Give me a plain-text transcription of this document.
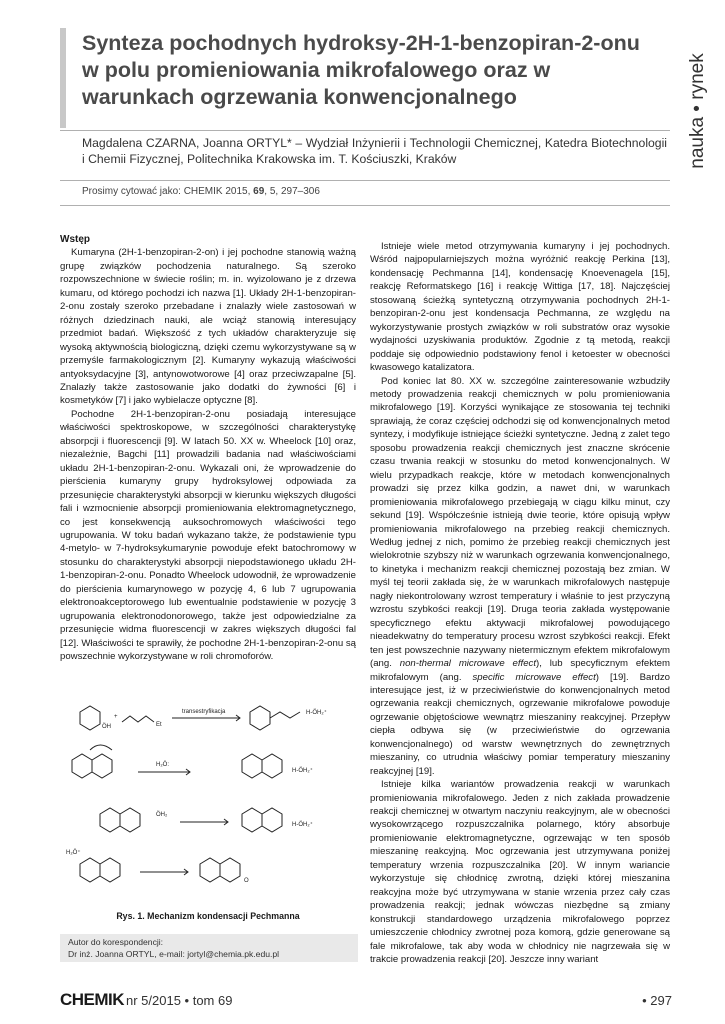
Synteza pochodnych hydroksy-2H-1-benzopiran-2-onu w polu promieniowania mikrofalowego oraz w warunkach ogrzewania konwencjonalnego	nauka • rynek

Magdalena CZARNA, Joanna ORTYL* – Wydział Inżynierii i Technologii Chemicznej, Katedra Biotechnologii i Chemii Fizycznej, Politechnika Krakowska im. T. Kościuszki, Kraków

Prosimy cytować jako: CHEMIK 2015, 69, 5, 297–306

Wstęp

Kumaryna (2H-1-benzopiran-2-on) i jej pochodne stanowią ważną grupę związków pochodzenia naturalnego. Są szeroko rozpowszechnione w świecie roślin; m. in. wyizolowano je z drzewa kumaru, od którego pochodzi ich nazwa [1]. Układy 2H-1-benzopiran-2-onu zostały szeroko przebadane i znalazły wiele zastosowań w różnych dziedzinach nauki, ale wciąż stanowią interesujący przedmiot badań. Większość z tych układów charakteryzuje się wysoką aktywnością biologiczną, dzięki czemu wykorzystywane są w przemyśle farmakologicznym [2]. Kumaryny wykazują właściwości antyoksydacyjne [3], antynowotworowe [4] oraz przeciwzapalne [5]. Znalazły także zastosowanie jako dodatki do żywności [6] i kosmetyków [7] i jako wybielacze optyczne [8].

Pochodne 2H-1-benzopiran-2-onu posiadają interesujące właściwości spektroskopowe, w szczególności charakterystykę absorpcji i fluorescencji [9]. W latach 50. XX w. Wheelock [10] oraz, niezależnie, Bagchi [11] prowadzili badania nad właściwościami układu 2H-1-benzopiran-2-onu. Wykazali oni, że wprowadzenie do pierścienia kumaryny grupy hydroksylowej odpowiada za przesunięcie charakterystyki absorpcji w kierunku większych długości fali i wzmocnienie absorpcji promieniowania elektromagnetycznego, co jest konsekwencją auksochromowych właściwości tego ugrupowania. W toku badań wykazano także, że podstawienie typu 4-metylo- w 7-hydroksykumarynie powoduje efekt batochromowy w stosunku do charakterystyki absorpcji niepodstawionego układu 2H-1-benzopiran-2-onu. Ponadto Wheelock udowodnił, że wprowadzenie do pierścienia kumarynowego w pozycję 4, 6 lub 7 ugrupowania elektronoakceptorowego lub ewentualnie podstawienie w pozycję 3 ugrupowania elektronodonorowego, także jest odpowiedzialne za przesunięcie widma fluorescencji w zakres większych długości fal [12]. Właściwości te sprawiły, że pochodne 2H-1-benzopiran-2-onu są powszechnie wykorzystywane w roli chromoforów.

ÖH
+
Et
transestryfikacja	H-ÖH₂⁺
H₂Ö:
H-ÖH₂⁺
ÖH₂
H-ÖH₂⁺
H₂Ö⁺
O

Rys. 1. Mechanizm kondensacji Pechmanna

Autor do korespondencji:
Dr inż. Joanna ORTYL, e-mail: jortyl@chemia.pk.edu.pl

Istnieje wiele metod otrzymywania kumaryny i jej pochodnych. Wśród najpopularniejszych można wyróżnić reakcję Perkina [13], kondensację Pechmanna [14], kondensację Knoevenagela [15], reakcję Reformatskego [16] i reakcję Wittiga [17, 18]. Najczęściej stosowaną ścieżką syntetyczną otrzymywania pochodnych 2H-1-benzopiran-2-onu jest kondensacja Pechmanna, ze względu na wykorzystywanie prostych związków w roli substratów oraz wysokie wydajności uzyskiwania produktów. Zgodnie z tą metodą, reakcji poddaje się odpowiednio podstawiony fenol i ketoester w obecności kwasowego katalizatora.

Pod koniec lat 80. XX w. szczególne zainteresowanie wzbudziły metody prowadzenia reakcji chemicznych w polu promieniowania mikrofalowego [19]. Korzyści wynikające ze stosowania tej techniki sprawiają, że coraz częściej odchodzi się od konwencjonalnych metod syntezy, i modyfikuje istniejące ścieżki syntetyczne. Jedną z zalet tego sposobu prowadzenia reakcji chemicznych jest znaczne skrócenie czasu trwania reakcji w stosunku do metod konwencjonalnych. W wielu przypadkach reakcje, które w metodach konwencjonalnych prowadzi się przez kilka godzin, a nawet dni, w warunkach promieniowania mikrofalowego przebiegają w ciągu kilku minut, czy sekund [19]. Współcześnie istnieją dwie teorie, które opisują wpływ promieniowania mikrofalowego na przebieg reakcji chemicznych. Według jednej z nich, pomimo że przebieg reakcji chemicznych jest wielokrotnie szybszy niż w warunkach ogrzewania konwencjonalnego, to kinetyka i mechanizm reakcji chemicznej pozostają bez zmian. W myśl tej teorii zakłada się, że w warunkach mikrofalowych następuje nagły niekontrolowany wzrost temperatury i właśnie to jest przyczyną wzrostu szybkości reakcji [19]. Druga teoria zakłada występowanie specyficznego efektu aktywacji mikrofalowej powodującego nieadekwatny do temperatury procesu wzrost szybkości reakcji. Efekt ten jest powszechnie nazywany nietermicznym efektem mikrofalowym (ang. non-thermal microwave effect), lub specyficznym efektem mikrofalowym (ang. specific microwave effect) [19]. Bardzo interesujące jest, iż w przeciwieństwie do konwencjonalnych metod ogrzewania reakcji chemicznych, ogrzewanie mikrofalowe powoduje ogrzewanie objętościowe wewnątrz mieszaniny reakcyjnej. Przepływ ciepła odbywa się (w przeciwieństwie do ogrzewania konwencjonalnego) od warstw wewnętrznych do zewnętrznych mieszaniny, co utrudnia właściwy pomiar temperatury mieszaniny reakcyjnej [19].

Istnieje kilka wariantów prowadzenia reakcji w warunkach promieniowania mikrofalowego. Jeden z nich zakłada prowadzenie reakcji chemicznej w otwartym naczyniu reakcyjnym, ale w obecności wysokowrzącego rozpuszczalnika polarnego, który absorbuje promieniowanie elektromagnetyczne, ogrzewając w ten sposób mieszaninę reakcyjną. Moc ogrzewania jest utrzymywana poniżej temperatury wrzenia rozpuszczalnika [20]. W innym wariancie wykorzystuje się chłodnicę zwrotną, dzięki której mieszanina reakcyjna może być utrzymywana w stanie wrzenia przez cały czas prowadzenia reakcji; jednak wówczas niezbędne są zmiany konstrukcji standardowego urządzenia mikrofalowego poprzez umieszczenie chłodnicy zwrotnej poza komorą, gdzie generowane są fale mikrofalowe, tak aby woda w chłodnicy nie nagrzewała się w trakcie prowadzenia reakcji [20]. Jeszcze inny wariant

CHEMIK nr 5/2015 • tom 69	• 297
